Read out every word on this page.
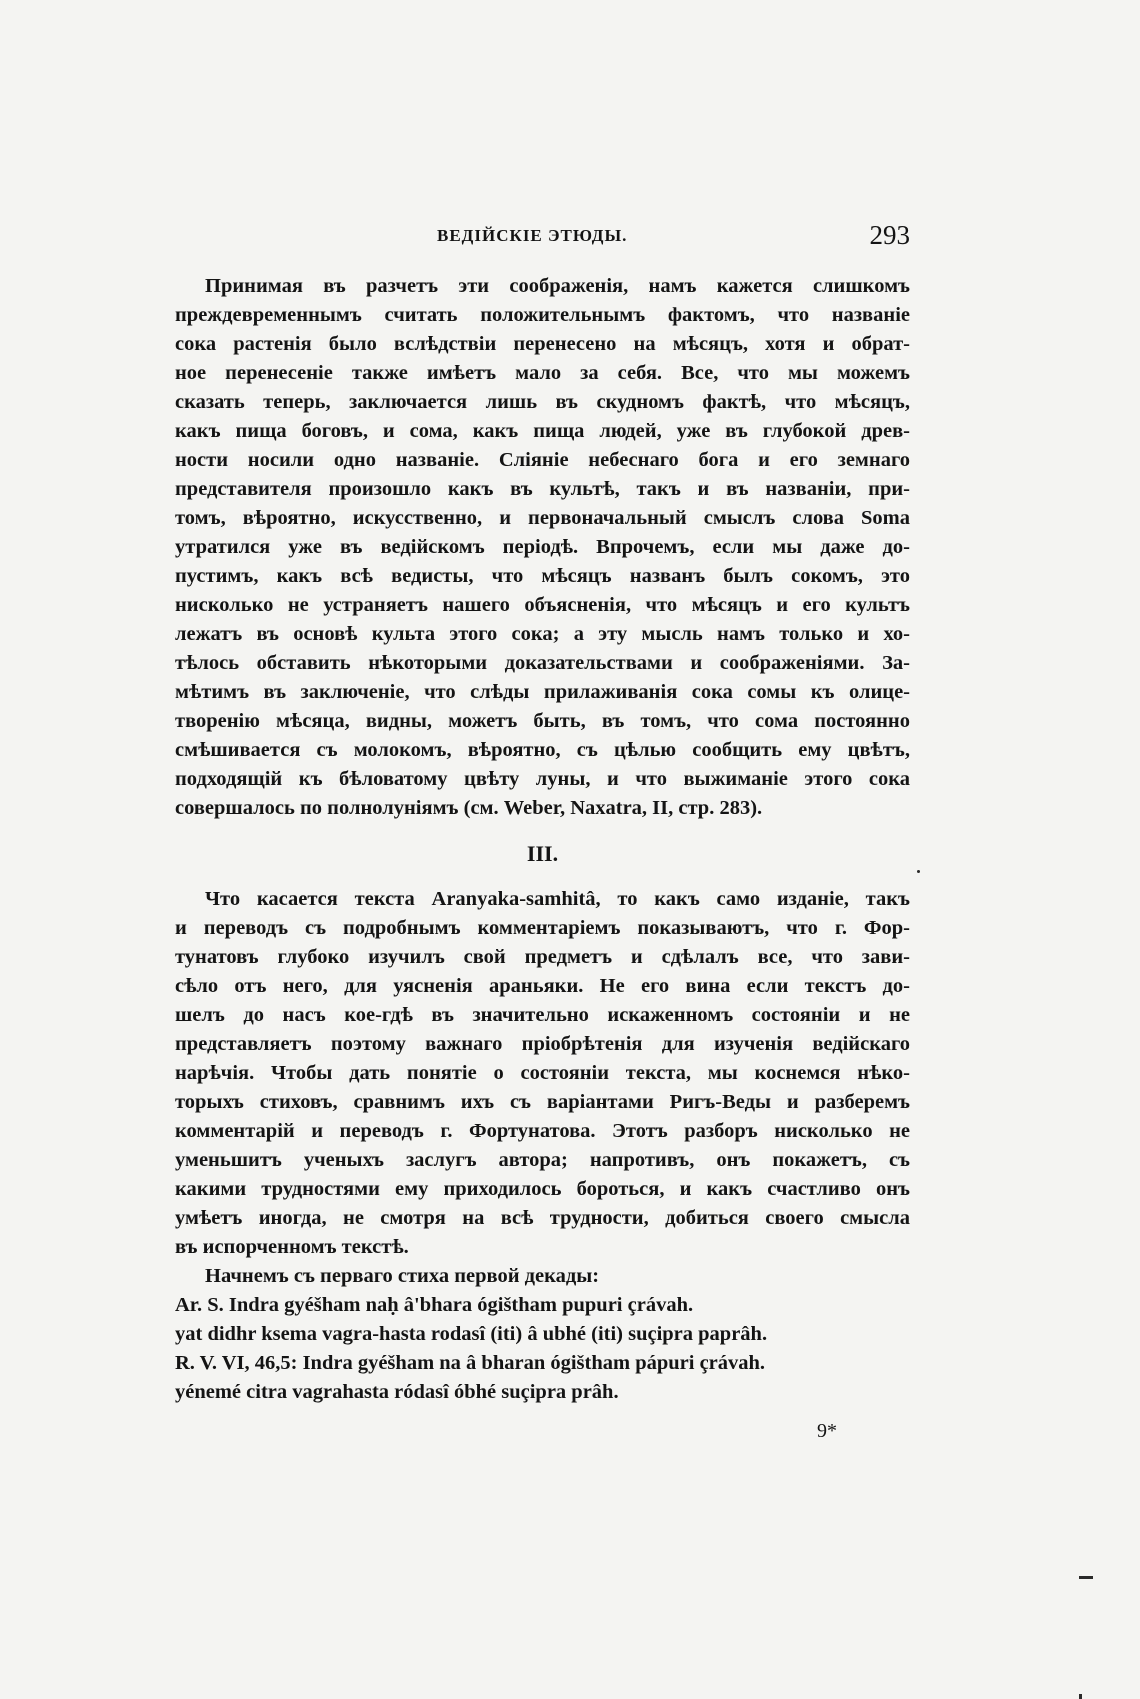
ВЕДІЙСКІЕ ЭТЮДЫ.	293
Принимая въ разчетъ эти соображенія, намъ кажется слишкомъ
преждевременнымъ считать положительнымъ фактомъ, что названіе
сока растенія было вслѣдствіи перенесено на мѣсяцъ, хотя и обрат-
ное перенесеніе также имѣетъ мало за себя. Все, что мы можемъ
сказать теперь, заключается лишь въ скудномъ фактѣ, что мѣсяцъ,
какъ пища боговъ, и сома, какъ пища людей, уже въ глубокой древ-
ности носили одно названіе. Сліяніе небеснаго бога и его земнаго
представителя произошло какъ въ культѣ, такъ и въ названіи, при-
томъ, вѣроятно, искусственно, и первоначальный смыслъ слова Soma
утратился уже въ ведійскомъ періодѣ. Впрочемъ, если мы даже до-
пустимъ, какъ всѣ ведисты, что мѣсяцъ названъ былъ сокомъ, это
нисколько не устраняетъ нашего объясненія, что мѣсяцъ и его культъ
лежатъ въ основѣ культа этого сока; а эту мысль намъ только и хо-
тѣлось обставить нѣкоторыми доказательствами и соображеніями. За-
мѣтимъ въ заключеніе, что слѣды прилаживанія сока сомы къ олице-
творенію мѣсяца, видны, можетъ быть, въ томъ, что сома постоянно
смѣшивается съ молокомъ, вѣроятно, съ цѣлью сообщить ему цвѣтъ,
подходящій къ бѣловатому цвѣту луны, и что выжиманіе этого сока
совершалось по полнолуніямъ (см. Weber, Naxatra, II, стр. 283).
III.
Что касается текста Aranyaka-samhitâ, то какъ само изданіе, такъ
и переводъ съ подробнымъ комментаріемъ показываютъ, что г. Фор-
тунатовъ глубоко изучилъ свой предметъ и сдѣлалъ все, что зави-
сѣло отъ него, для уясненія араньяки. Не его вина если текстъ до-
шелъ до насъ кое-гдѣ въ значительно искаженномъ состояніи и не
представляетъ поэтому важнаго пріобрѣтенія для изученія ведійскаго
нарѣчія. Чтобы дать понятіе о состояніи текста, мы коснемся нѣко-
торыхъ стиховъ, сравнимъ ихъ съ варіантами Ригъ-Веды и разберемъ
комментарій и переводъ г. Фортунатова. Этотъ разборъ нисколько не
уменьшитъ ученыхъ заслугъ автора; напротивъ, онъ покажетъ, съ
какими трудностями ему приходилось бороться, и какъ счастливо онъ
умѣетъ иногда, не смотря на всѣ трудности, добиться своего смысла
въ испорченномъ текстѣ.
Начнемъ съ перваго стиха первой декады:
Ar. S. Indra gyéšham naḥ â'bhara ógištham pupuri çrávah.
yat didhr ksema vagra-hasta rodasî (iti) â ubhé (iti) suçipra paprâh.
R. V. VI, 46,5: Indra gyéšham na â bharan ógištham pápuri çrávah.
yénemé citra vagrahasta ródasî óbhé suçipra prâh.
9*
